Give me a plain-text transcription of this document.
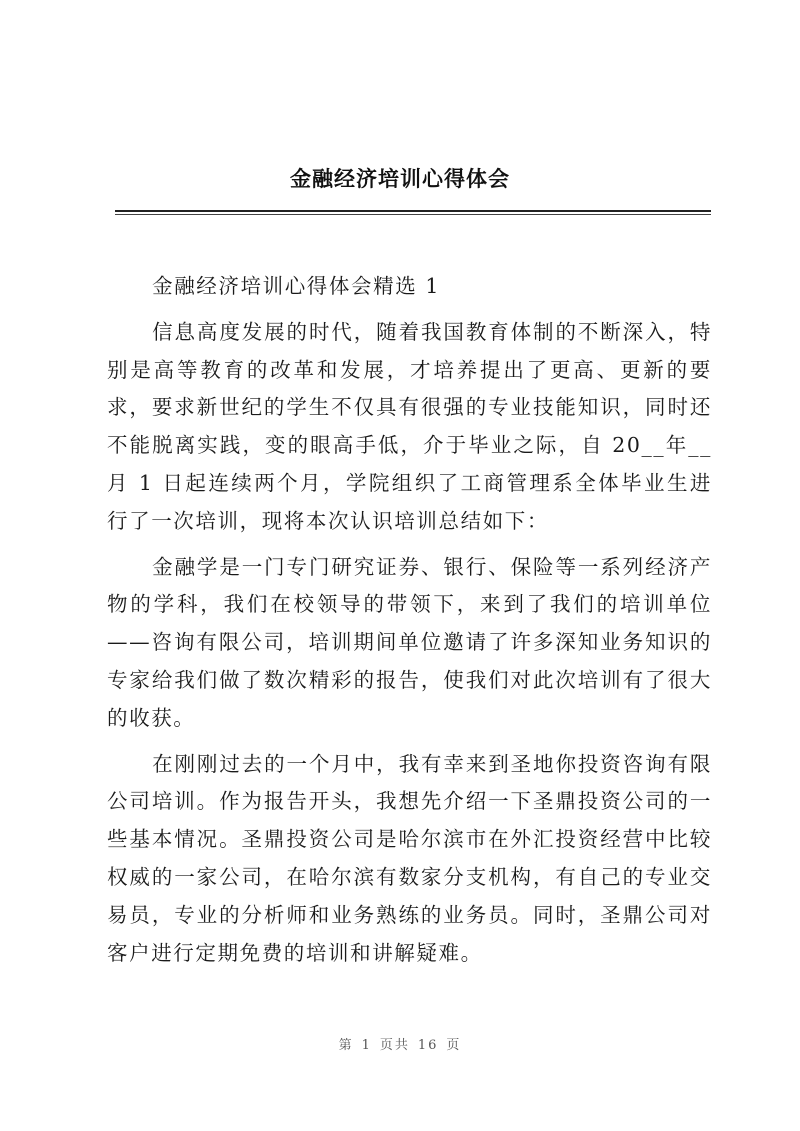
金融经济培训心得体会

金融经济培训心得体会精选 1

信息高度发展的时代，随着我国教育体制的不断深入，特别是高等教育的改革和发展，才培养提出了更高、更新的要求，要求新世纪的学生不仅具有很强的专业技能知识，同时还不能脱离实践，变的眼高手低，介于毕业之际，自 20__年__月 1 日起连续两个月，学院组织了工商管理系全体毕业生进行了一次培训，现将本次认识培训总结如下：

金融学是一门专门研究证券、银行、保险等一系列经济产物的学科，我们在校领导的带领下，来到了我们的培训单位——咨询有限公司，培训期间单位邀请了许多深知业务知识的专家给我们做了数次精彩的报告，使我们对此次培训有了很大的收获。

在刚刚过去的一个月中，我有幸来到圣地你投资咨询有限公司培训。作为报告开头，我想先介绍一下圣鼎投资公司的一些基本情况。圣鼎投资公司是哈尔滨市在外汇投资经营中比较权威的一家公司，在哈尔滨有数家分支机构，有自己的专业交易员，专业的分析师和业务熟练的业务员。同时，圣鼎公司对客户进行定期免费的培训和讲解疑难。

第 1 页共 16 页
